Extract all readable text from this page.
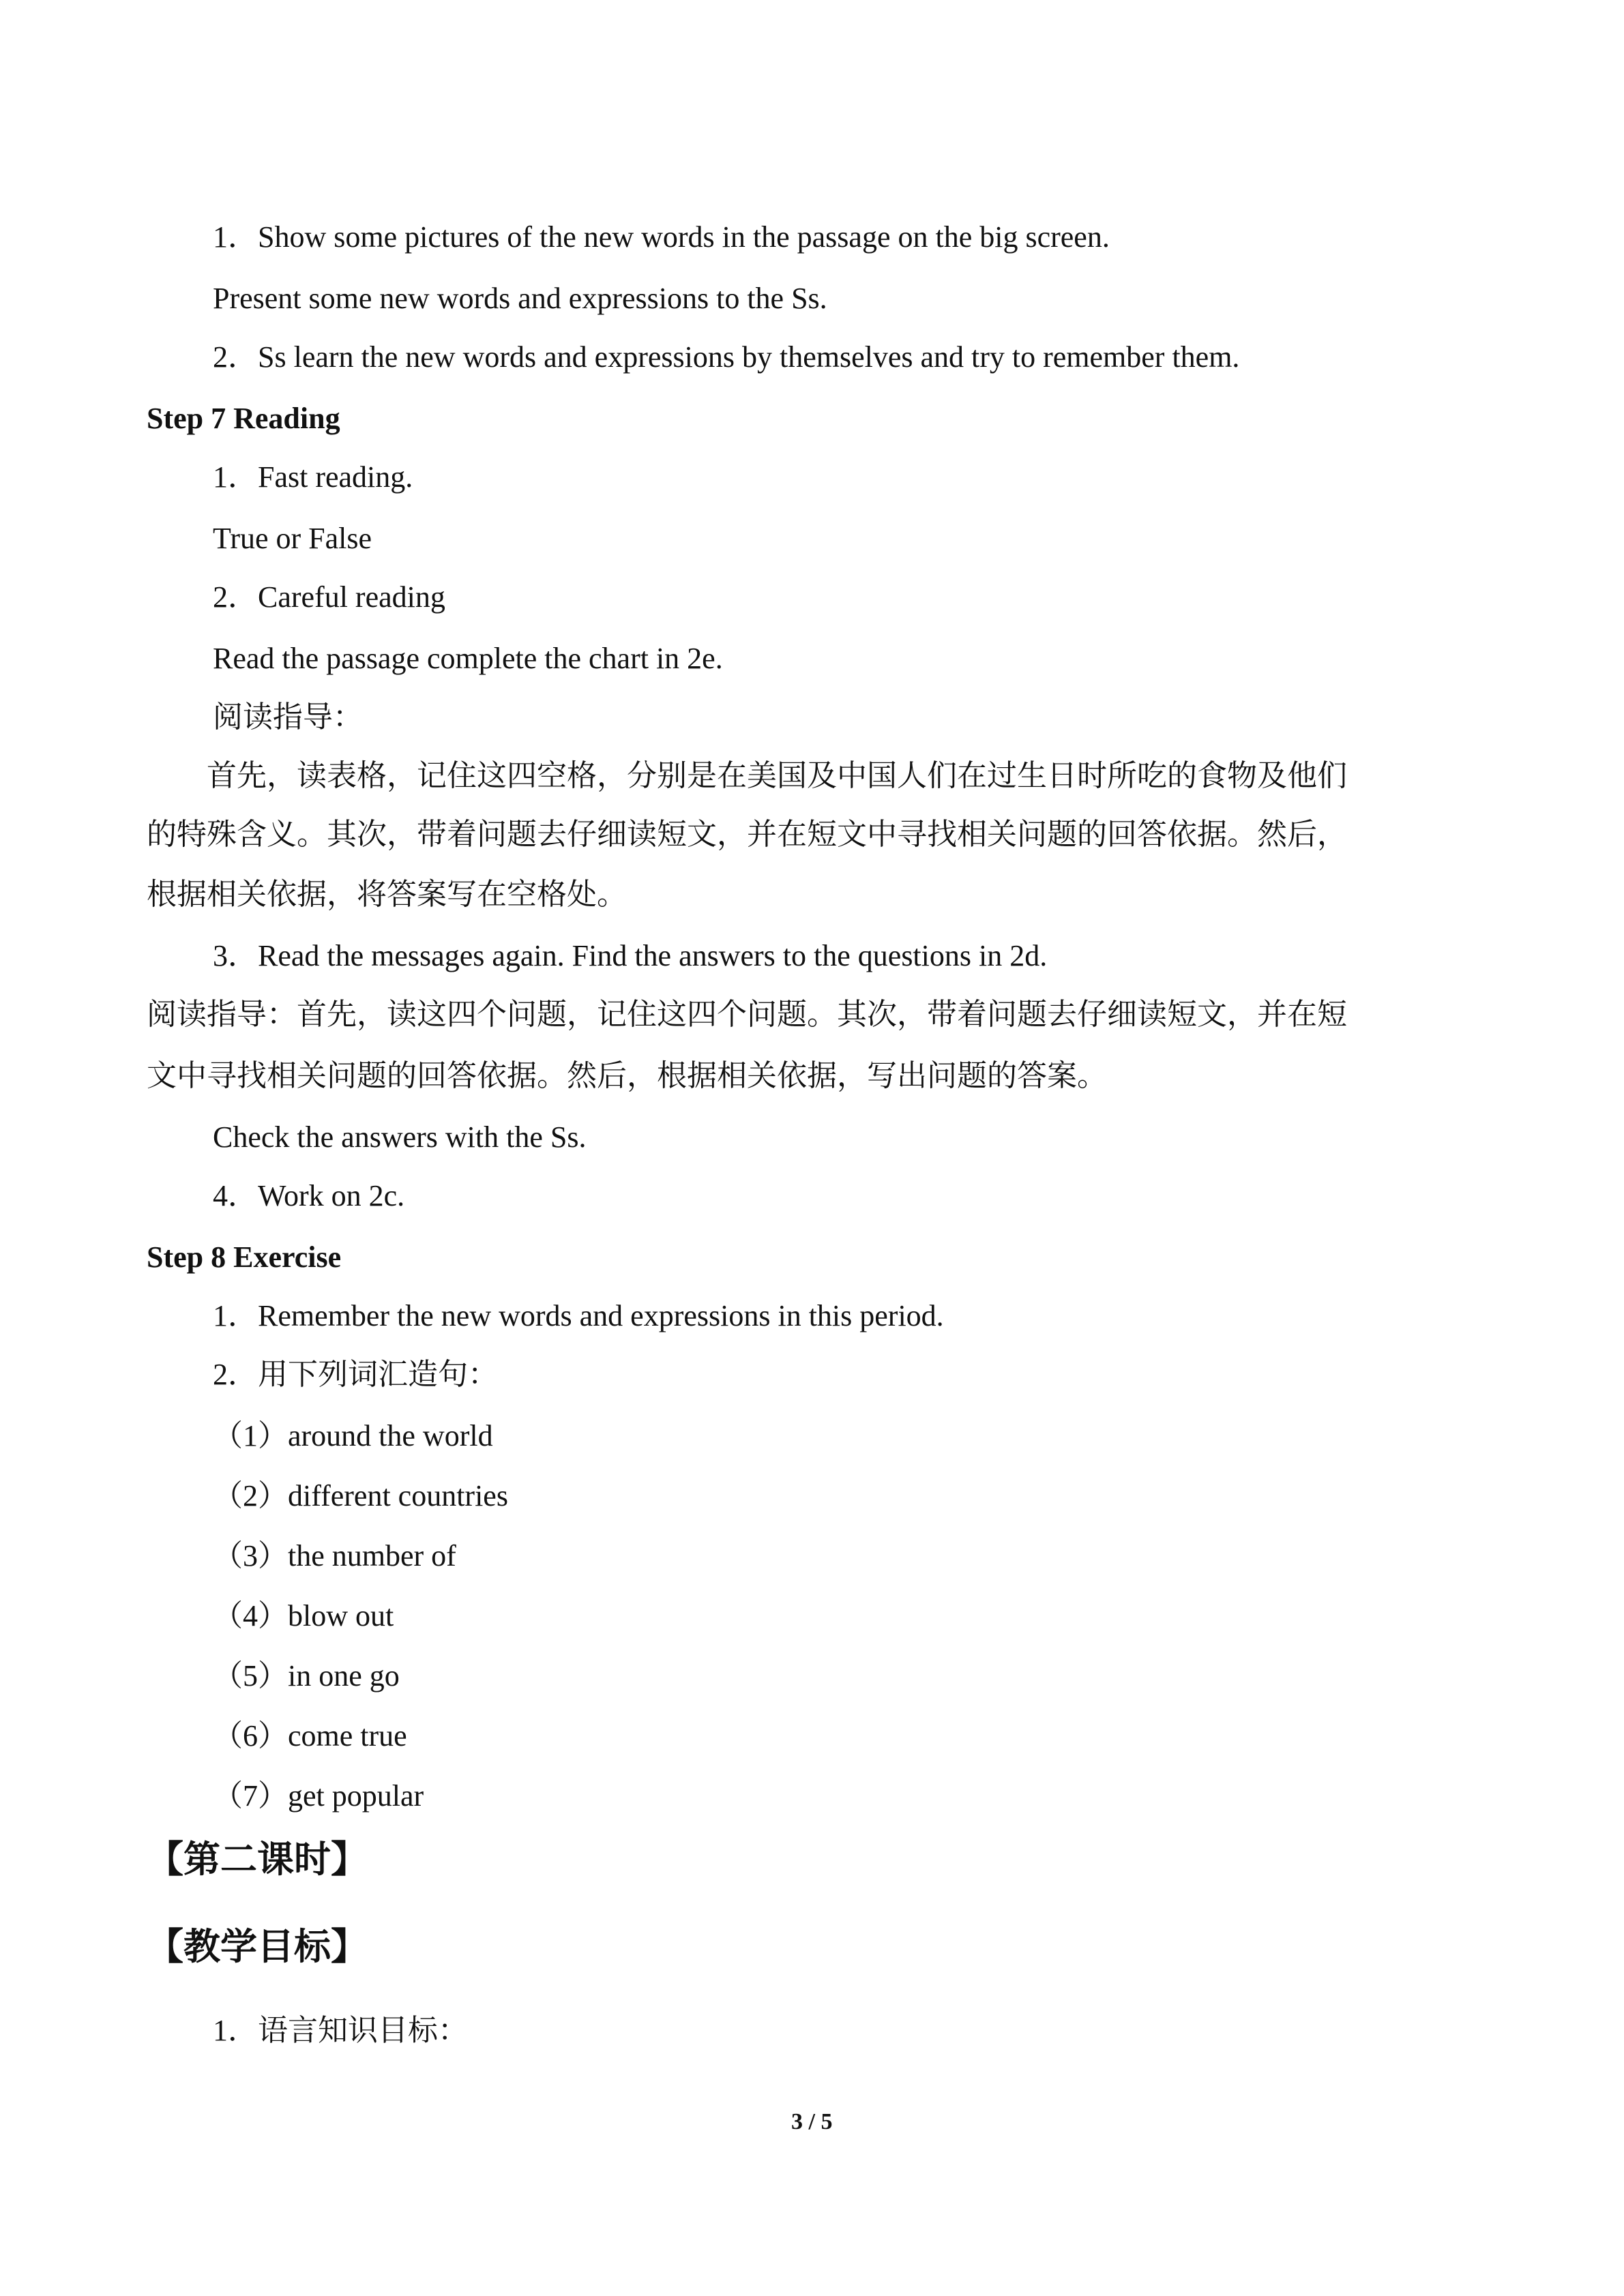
1．Show some pictures of the new words in the passage on the big screen.
Present some new words and expressions to the Ss.
2．Ss learn the new words and expressions by themselves and try to remember them.
Step 7 Reading
1．Fast reading.
True or False
2．Careful reading
Read the passage complete the chart in 2e.
阅读指导：
首先，读表格，记住这四空格，分别是在美国及中国人们在过生日时所吃的食物及他们
的特殊含义。其次，带着问题去仔细读短文，并在短文中寻找相关问题的回答依据。然后，
根据相关依据，将答案写在空格处。
3．Read the messages again. Find the answers to the questions in 2d.
阅读指导：首先，读这四个问题，记住这四个问题。其次，带着问题去仔细读短文，并在短
文中寻找相关问题的回答依据。然后，根据相关依据，写出问题的答案。
Check the answers with the Ss.
4．Work on 2c.
Step 8 Exercise
1．Remember the new words and expressions in this period.
2．用下列词汇造句：
（1）around the world
（2）different countries
（3）the number of
（4）blow out
（5）in one go
（6）come true
（7）get popular
【第二课时】
【教学目标】
1．语言知识目标：
3 / 5
